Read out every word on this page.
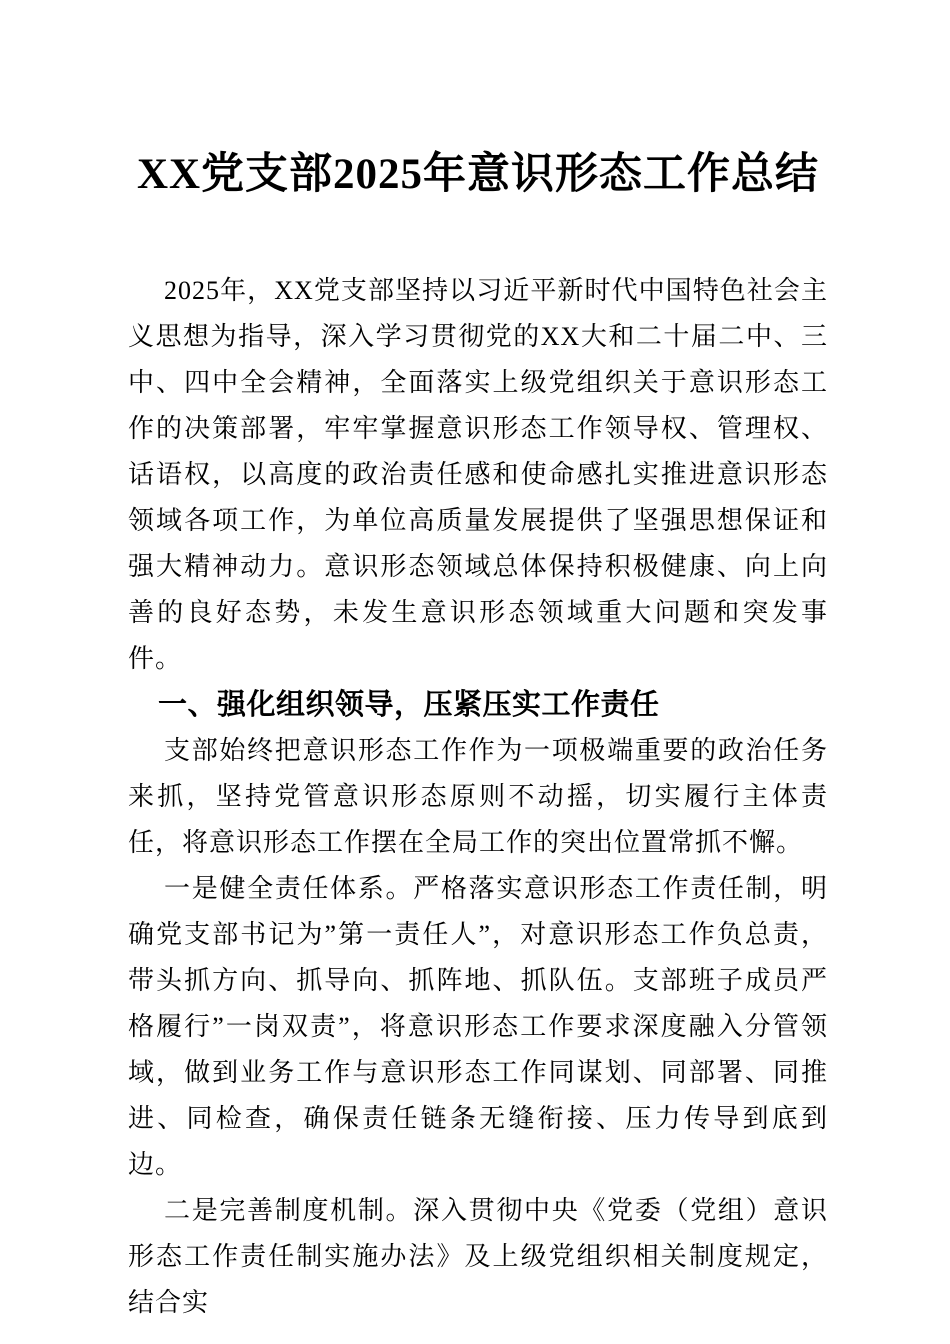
XX党支部2025年意识形态工作总结

2025年，XX党支部坚持以习近平新时代中国特色社会主义思想为指导，深入学习贯彻党的XX大和二十届二中、三中、四中全会精神，全面落实上级党组织关于意识形态工作的决策部署，牢牢掌握意识形态工作领导权、管理权、话语权，以高度的政治责任感和使命感扎实推进意识形态领域各项工作，为单位高质量发展提供了坚强思想保证和强大精神动力。意识形态领域总体保持积极健康、向上向善的良好态势，未发生意识形态领域重大问题和突发事件。

一、强化组织领导，压紧压实工作责任

支部始终把意识形态工作作为一项极端重要的政治任务来抓，坚持党管意识形态原则不动摇，切实履行主体责任，将意识形态工作摆在全局工作的突出位置常抓不懈。

一是健全责任体系。严格落实意识形态工作责任制，明确党支部书记为”第一责任人”，对意识形态工作负总责，带头抓方向、抓导向、抓阵地、抓队伍。支部班子成员严格履行”一岗双责”，将意识形态工作要求深度融入分管领域，做到业务工作与意识形态工作同谋划、同部署、同推进、同检查，确保责任链条无缝衔接、压力传导到底到边。

二是完善制度机制。深入贯彻中央《党委（党组）意识形态工作责任制实施办法》及上级党组织相关制度规定，结合实
